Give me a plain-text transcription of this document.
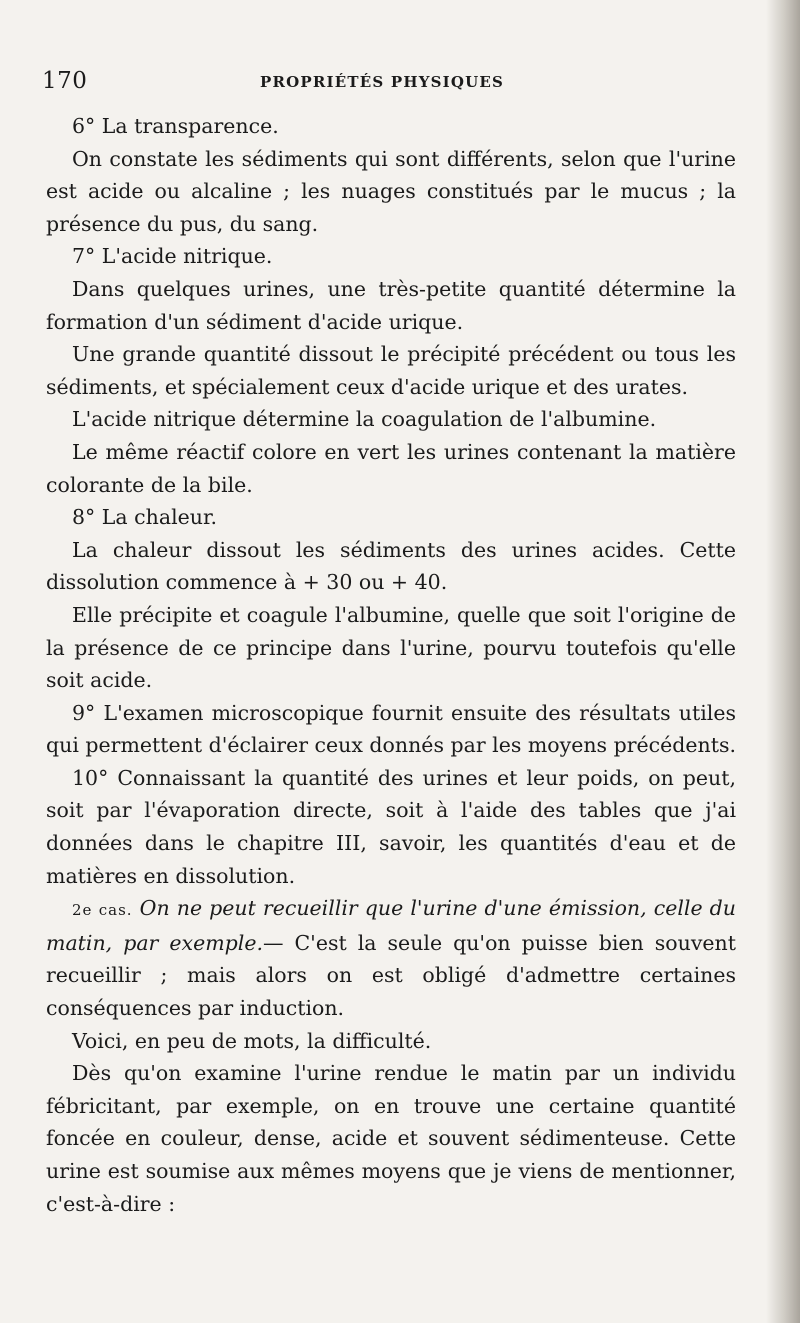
170	PROPRIÉTÉS PHYSIQUES

6° La transparence.

On constate les sédiments qui sont différents, selon que l'urine est acide ou alcaline ; les nuages constitués par le mucus ; la présence du pus, du sang.

7° L'acide nitrique.

Dans quelques urines, une très-petite quantité détermine la formation d'un sédiment d'acide urique.

Une grande quantité dissout le précipité précédent ou tous les sédiments, et spécialement ceux d'acide urique et des urates.

L'acide nitrique détermine la coagulation de l'albumine.

Le même réactif colore en vert les urines contenant la matière colorante de la bile.

8° La chaleur.

La chaleur dissout les sédiments des urines acides. Cette dissolution commence à + 30 ou + 40.

Elle précipite et coagule l'albumine, quelle que soit l'origine de la présence de ce principe dans l'urine, pourvu toutefois qu'elle soit acide.

9° L'examen microscopique fournit ensuite des résultats utiles qui permettent d'éclairer ceux donnés par les moyens précédents.

10° Connaissant la quantité des urines et leur poids, on peut, soit par l'évaporation directe, soit à l'aide des tables que j'ai données dans le chapitre III, savoir, les quantités d'eau et de matières en dissolution.

2e cas. On ne peut recueillir que l'urine d'une émission, celle du matin, par exemple.— C'est la seule qu'on puisse bien souvent recueillir ; mais alors on est obligé d'admettre certaines conséquences par induction.

Voici, en peu de mots, la difficulté.

Dès qu'on examine l'urine rendue le matin par un individu fébricitant, par exemple, on en trouve une certaine quantité foncée en couleur, dense, acide et souvent sédimenteuse. Cette urine est soumise aux mêmes moyens que je viens de mentionner, c'est-à-dire :
